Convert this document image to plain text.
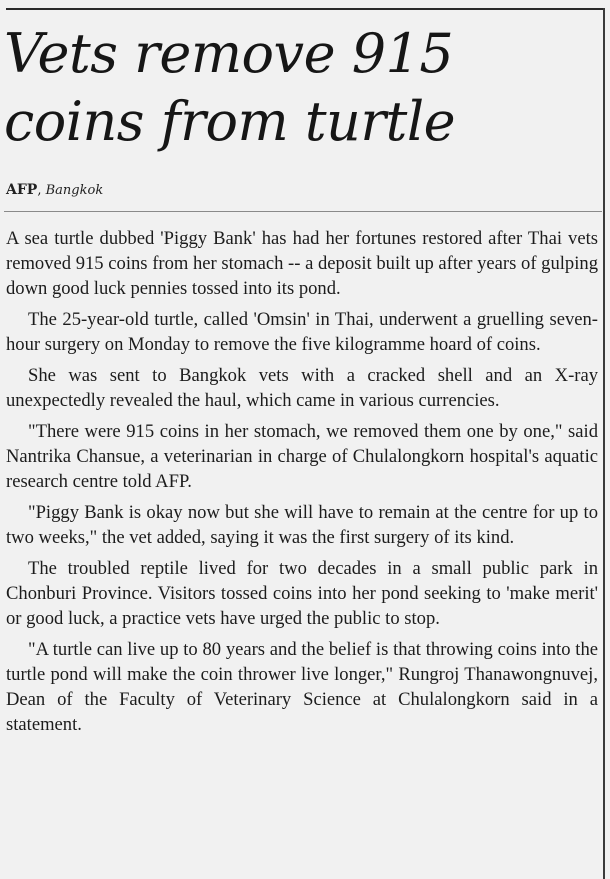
Vets remove 915 coins from turtle
AFP, Bangkok

A sea turtle dubbed 'Piggy Bank' has had her fortunes restored after Thai vets removed 915 coins from her stomach -- a deposit built up after years of gulping down good luck pennies tossed into its pond.

The 25-year-old turtle, called 'Omsin' in Thai, underwent a gruelling seven-hour surgery on Monday to remove the five kilogramme hoard of coins.

She was sent to Bangkok vets with a cracked shell and an X-ray unexpectedly revealed the haul, which came in various currencies.

"There were 915 coins in her stomach, we removed them one by one," said Nantrika Chansue, a veterinarian in charge of Chulalongkorn hospital's aquatic research centre told AFP.

"Piggy Bank is okay now but she will have to remain at the centre for up to two weeks," the vet added, saying it was the first surgery of its kind.

The troubled reptile lived for two decades in a small public park in Chonburi Province. Visitors tossed coins into her pond seeking to 'make merit' or good luck, a practice vets have urged the public to stop.

"A turtle can live up to 80 years and the belief is that throwing coins into the turtle pond will make the coin thrower live longer," Rungroj Thanawongnuvej, Dean of the Faculty of Veterinary Science at Chulalongkorn said in a statement.
